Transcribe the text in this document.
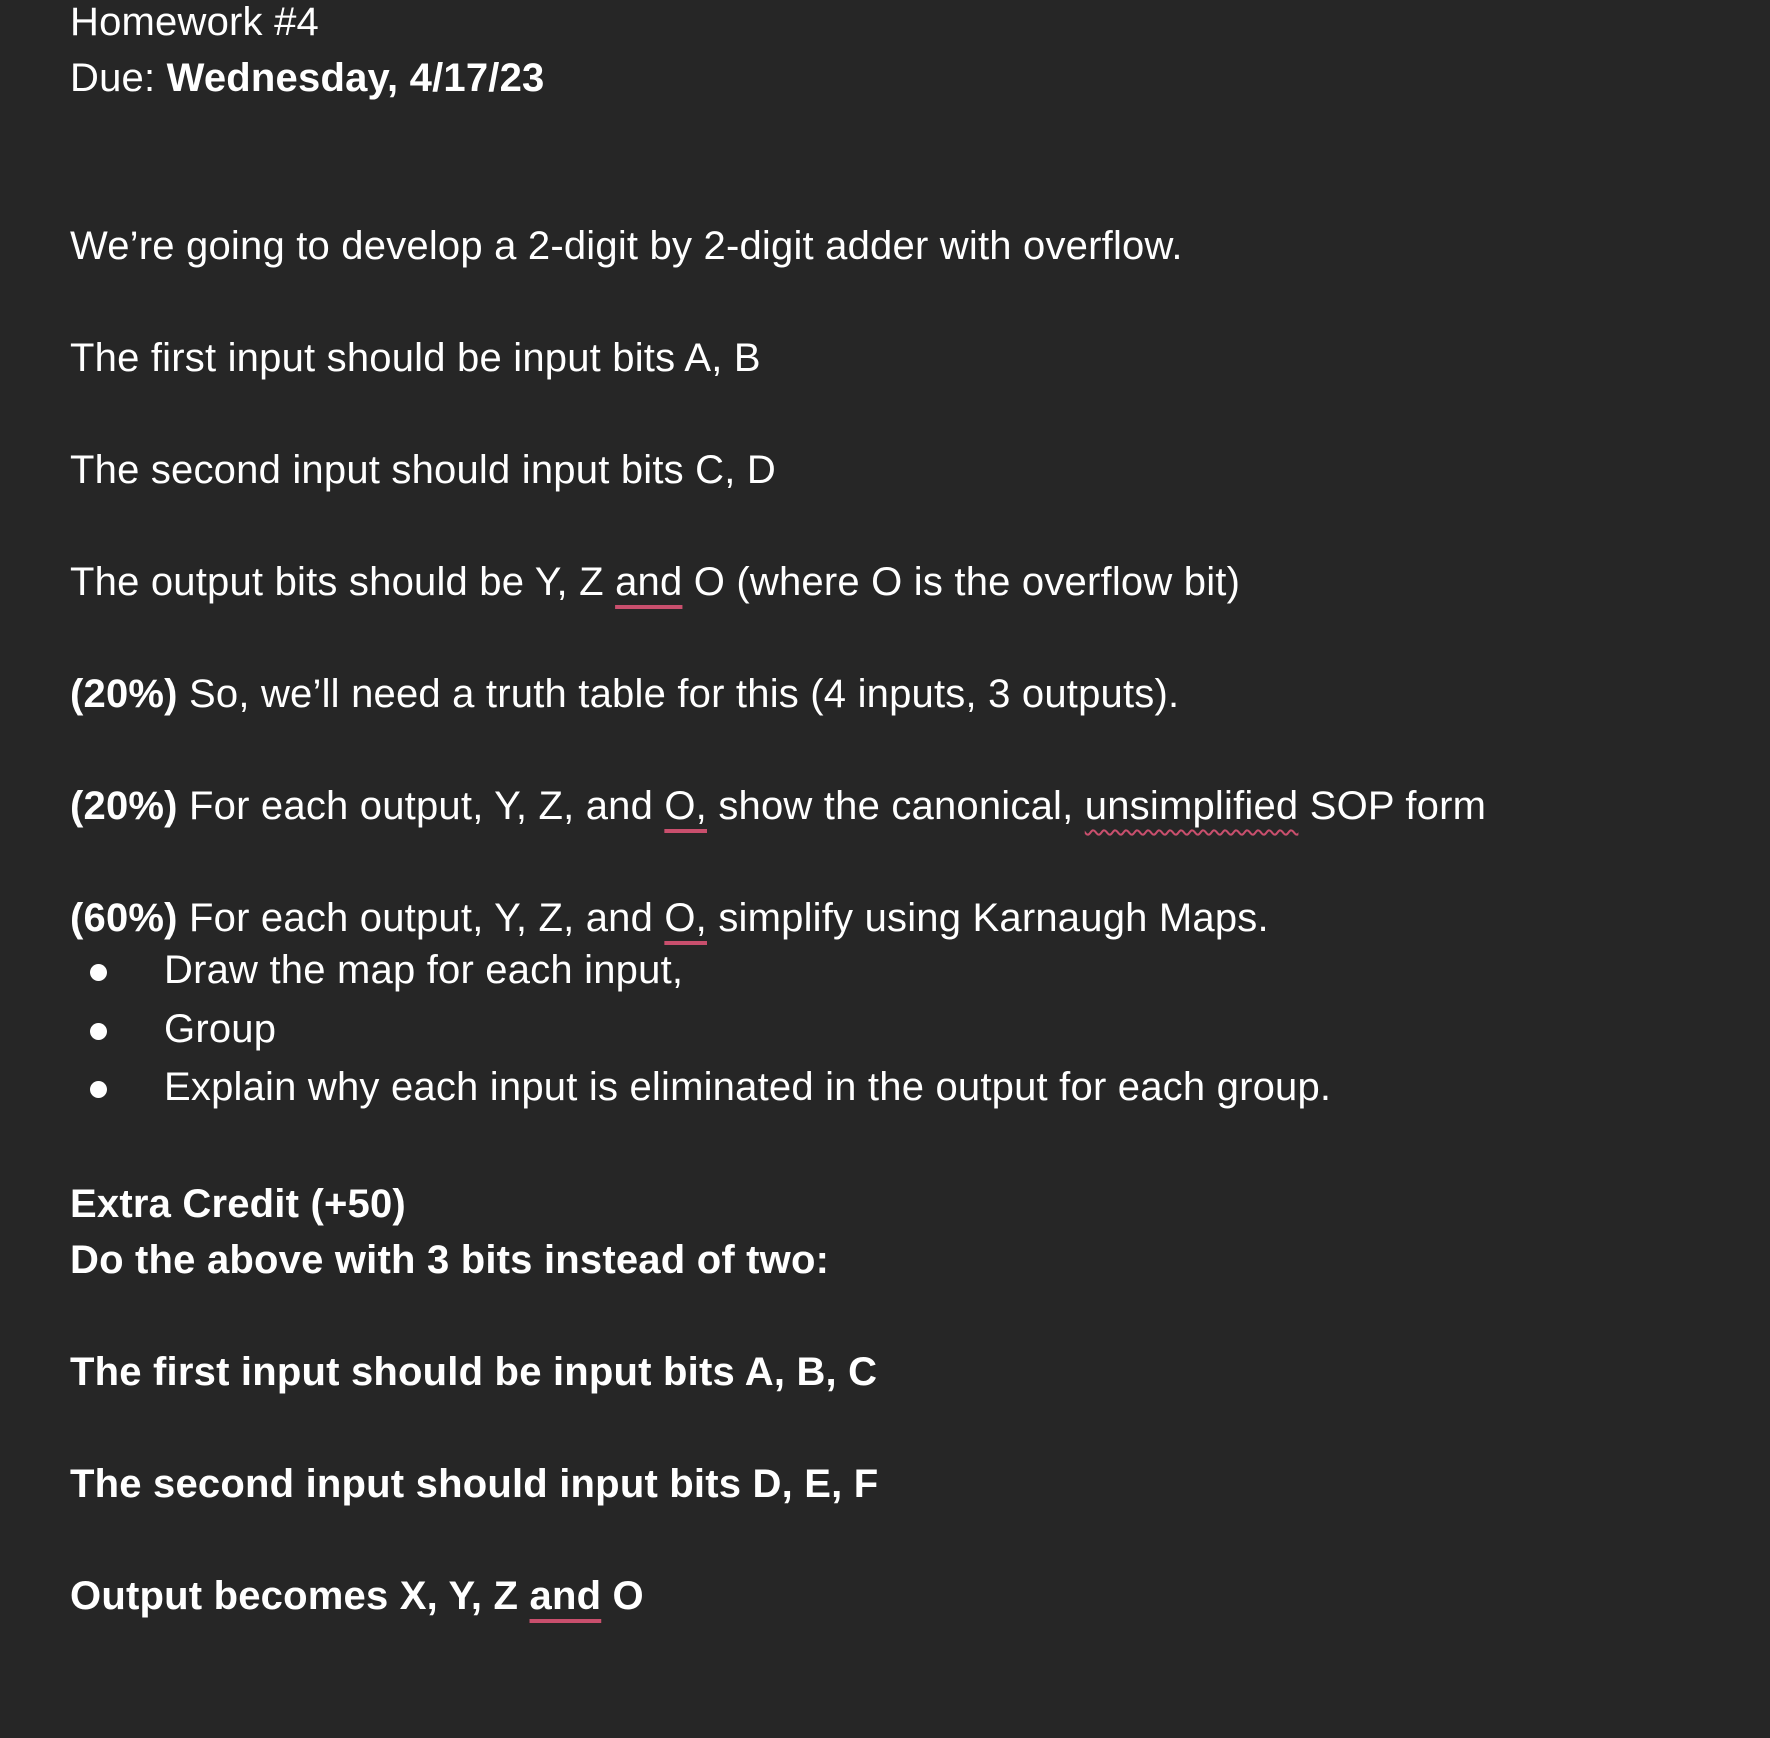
Homework #4
Due: Wednesday, 4/17/23
We’re going to develop a 2-digit by 2-digit adder with overflow.
The first input should be input bits A, B
The second input should input bits C, D
The output bits should be Y, Z and O (where O is the overflow bit)
(20%) So, we’ll need a truth table for this (4 inputs, 3 outputs).
(20%) For each output, Y, Z, and O, show the canonical, unsimplified SOP form
(60%) For each output, Y, Z, and O, simplify using Karnaugh Maps.
Draw the map for each input,
Group
Explain why each input is eliminated in the output for each group.
Extra Credit (+50)
Do the above with 3 bits instead of two:
The first input should be input bits A, B, C
The second input should input bits D, E, F
Output becomes X, Y, Z and O
